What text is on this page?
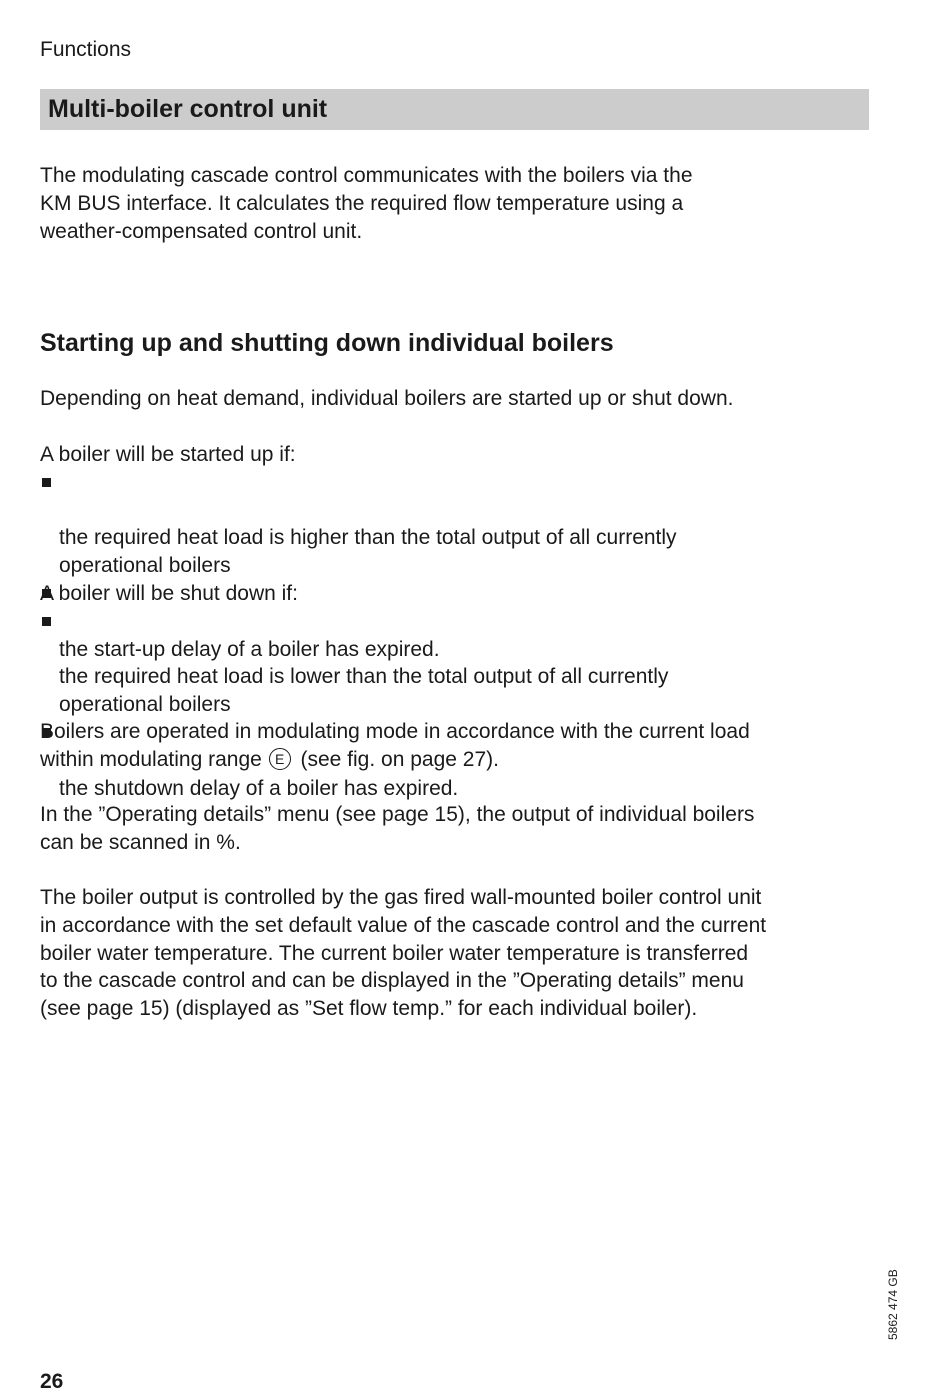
Functions
Multi-boiler control unit

The modulating cascade control communicates with the boilers via the
KM BUS interface. It calculates the required flow temperature using a
weather-compensated control unit.

Starting up and shutting down individual boilers

Depending on heat demand, individual boilers are started up or shut down.

A boiler will be started up if:

the required heat load is higher than the total output of all currently
operational boilers

the start-up delay of a boiler has expired.

A boiler will be shut down if:

the required heat load is lower than the total output of all currently
operational boilers

the shutdown delay of a boiler has expired.

Boilers are operated in modulating mode in accordance with the current load
within modulating range E (see fig. on page 27).

In the ”Operating details” menu (see page 15), the output of individual boilers
can be scanned in %.

The boiler output is controlled by the gas fired wall-mounted boiler control unit
in accordance with the set default value of the cascade control and the current
boiler water temperature. The current boiler water temperature is transferred
to the cascade control and can be displayed in the ”Operating details” menu
(see page 15) (displayed as ”Set flow temp.” for each individual boiler).

5862 474 GB
26
